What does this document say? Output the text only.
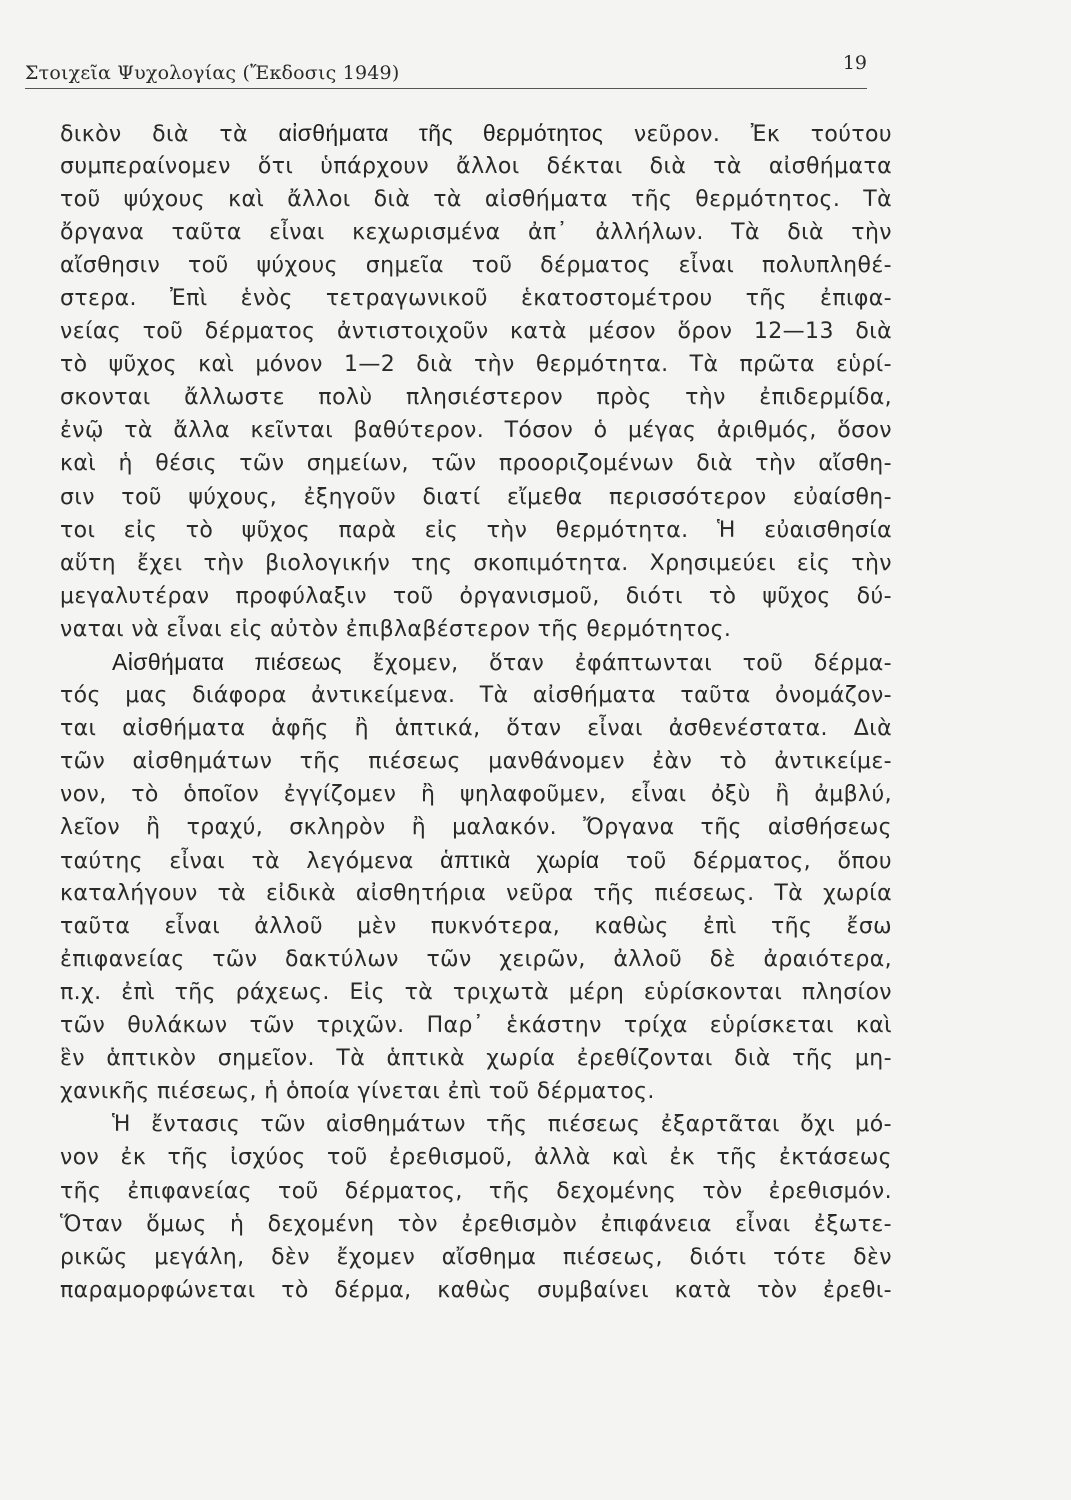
Στοιχεῖα Ψυχολογίας (Ἔκδοσις 1949)	19
δικὸν διὰ τὰ αἰσθήματα τῆς θερμότητος νεῦρον. Ἐκ τούτου
συμπεραίνομεν ὅτι ὑπάρχουν ἄλλοι δέκται διὰ τὰ αἰσθήματα
τοῦ ψύχους καὶ ἄλλοι διὰ τὰ αἰσθήματα τῆς θερμότητος. Τὰ
ὄργανα ταῦτα εἶναι κεχωρισμένα ἀπ᾿ ἀλλήλων. Τὰ διὰ τὴν
αἴσθησιν τοῦ ψύχους σημεῖα τοῦ δέρματος εἶναι πολυπληθέ-
στερα. Ἐπὶ ἑνὸς τετραγωνικοῦ ἑκατοστομέτρου τῆς ἐπιφα-
νείας τοῦ δέρματος ἀντιστοιχοῦν κατὰ μέσον ὅρον 12—13 διὰ
τὸ ψῦχος καὶ μόνον 1—2 διὰ τὴν θερμότητα. Τὰ πρῶτα εὑρί-
σκονται ἄλλωστε πολὺ πλησιέστερον πρὸς τὴν ἐπιδερμίδα,
ἐνῷ τὰ ἄλλα κεῖνται βαθύτερον. Τόσον ὁ μέγας ἀριθμός, ὅσον
καὶ ἡ θέσις τῶν σημείων, τῶν προοριζομένων διὰ τὴν αἴσθη-
σιν τοῦ ψύχους, ἐξηγοῦν διατί εἴμεθα περισσότερον εὐαίσθη-
τοι εἰς τὸ ψῦχος παρὰ εἰς τὴν θερμότητα. Ἡ εὐαισθησία
αὕτη ἔχει τὴν βιολογικήν της σκοπιμότητα. Χρησιμεύει εἰς τὴν
μεγαλυτέραν προφύλαξιν τοῦ ὀργανισμοῦ, διότι τὸ ψῦχος δύ-
ναται νὰ εἶναι εἰς αὐτὸν ἐπιβλαβέστερον τῆς θερμότητος.
Αἰσθήματα πιέσεως ἔχομεν, ὅταν ἐφάπτωνται τοῦ δέρμα-
τός μας διάφορα ἀντικείμενα. Τὰ αἰσθήματα ταῦτα ὀνομάζον-
ται αἰσθήματα ἁφῆς ἢ ἁπτικά, ὅταν εἶναι ἀσθενέστατα. Διὰ
τῶν αἰσθημάτων τῆς πιέσεως μανθάνομεν ἐὰν τὸ ἀντικείμε-
νον, τὸ ὁποῖον ἐγγίζομεν ἢ ψηλαφοῦμεν, εἶναι ὀξὺ ἢ ἀμβλύ,
λεῖον ἢ τραχύ, σκληρὸν ἢ μαλακόν. Ὄργανα τῆς αἰσθήσεως
ταύτης εἶναι τὰ λεγόμενα ἁπτικὰ χωρία τοῦ δέρματος, ὅπου
καταλήγουν τὰ εἰδικὰ αἰσθητήρια νεῦρα τῆς πιέσεως. Τὰ χωρία
ταῦτα εἶναι ἀλλοῦ μὲν πυκνότερα, καθὼς ἐπὶ τῆς ἔσω
ἐπιφανείας τῶν δακτύλων τῶν χειρῶν, ἀλλοῦ δὲ ἀραιότερα,
π.χ. ἐπὶ τῆς ράχεως. Εἰς τὰ τριχωτὰ μέρη εὑρίσκονται πλησίον
τῶν θυλάκων τῶν τριχῶν. Παρ᾿ ἑκάστην τρίχα εὑρίσκεται καὶ
ἓν ἁπτικὸν σημεῖον. Τὰ ἁπτικὰ χωρία ἐρεθίζονται διὰ τῆς μη-
χανικῆς πιέσεως, ἡ ὁποία γίνεται ἐπὶ τοῦ δέρματος.
Ἡ ἔντασις τῶν αἰσθημάτων τῆς πιέσεως ἐξαρτᾶται ὄχι μό-
νον ἐκ τῆς ἰσχύος τοῦ ἐρεθισμοῦ, ἀλλὰ καὶ ἐκ τῆς ἐκτάσεως
τῆς ἐπιφανείας τοῦ δέρματος, τῆς δεχομένης τὸν ἐρεθισμόν.
Ὅταν ὅμως ἡ δεχομένη τὸν ἐρεθισμὸν ἐπιφάνεια εἶναι ἐξωτε-
ρικῶς μεγάλη, δὲν ἔχομεν αἴσθημα πιέσεως, διότι τότε δὲν
παραμορφώνεται τὸ δέρμα, καθὼς συμβαίνει κατὰ τὸν ἐρεθι-
